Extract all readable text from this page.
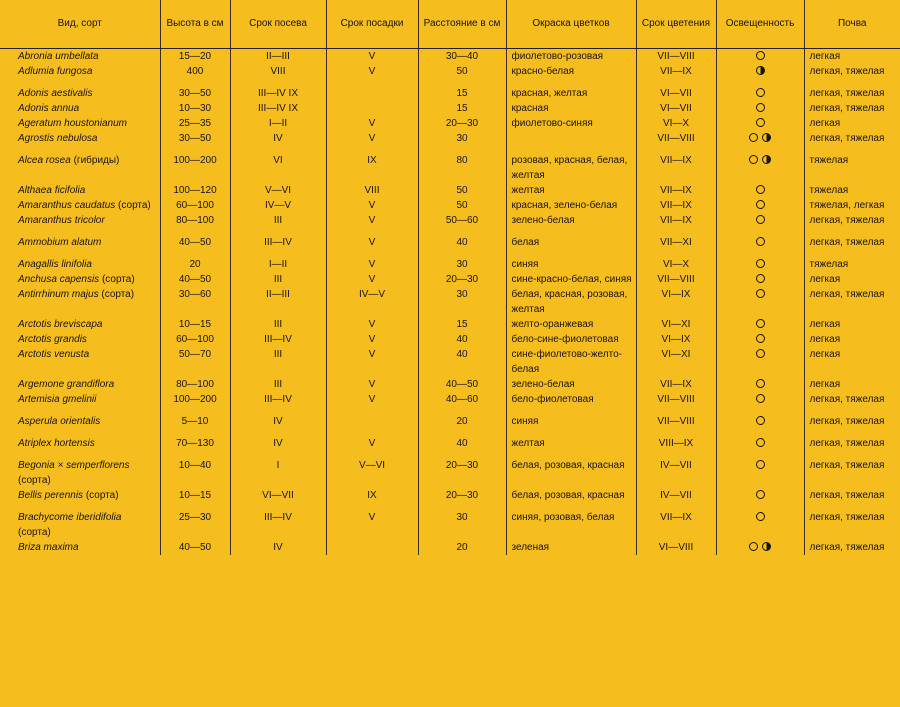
Вид, сорт	Высота в см	Срок посева	Срок посадки	Расстояние в см	Окраска цветков	Срок цветения	Освещенность	Почва
Abronia umbellata	15—20	II—III	V	30—40	фиолетово-розовая	VII—VIII		легкая
Adlumia fungosa	400	VIII	V	50	красно-белая	VII—IX		легкая, тяжелая
Adonis aestivalis	30—50	III—IV IX		15	красная, желтая	VI—VII		легкая, тяжелая
Adonis annua	10—30	III—IV IX		15	красная	VI—VII		легкая, тяжелая
Ageratum houstonianum	25—35	I—II	V	20—30	фиолетово-синяя	VI—X		легкая
Agrostis nebulosa	30—50	IV	V	30		VII—VIII		легкая, тяжелая
Alcea rosea (гибриды)	100—200	VI	IX	80	розовая, красная, белая, желтая	VII—IX		тяжелая
Althaea ficifolia	100—120	V—VI	VIII	50	желтая	VII—IX		тяжелая
Amaranthus caudatus (сорта)	60—100	IV—V	V	50	красная, зелено-белая	VII—IX		тяжелая, легкая
Amaranthus tricolor	80—100	III	V	50—60	зелено-белая	VII—IX		легкая, тяжелая
Ammobium alatum	40—50	III—IV	V	40	белая	VII—XI		легкая, тяжелая
Anagallis linifolia	20	I—II	V	30	синяя	VI—X		тяжелая
Anchusa capensis (сорта)	40—50	III	V	20—30	сине-красно-белая, синяя	VII—VIII		легкая
Antirrhinum majus (сорта)	30—60	II—III	IV—V	30	белая, красная, розовая, желтая	VI—IX		легкая, тяжелая
Arctotis breviscapa	10—15	III	V	15	желто-оранжевая	VI—XI		легкая
Arctotis grandis	60—100	III—IV	V	40	бело-сине-фиолетовая	VI—IX		легкая
Arctotis venusta	50—70	III	V	40	сине-фиолетово-желто-белая	VI—XI		легкая
Argemone grandiflora	80—100	III	V	40—50	зелено-белая	VII—IX		легкая
Artemisia gmelinii	100—200	III—IV	V	40—60	бело-фиолетовая	VII—VIII		легкая, тяжелая
Asperula orientalis	5—10	IV		20	синяя	VII—VIII		легкая, тяжелая
Atriplex hortensis	70—130	IV	V	40	желтая	VIII—IX		легкая, тяжелая
Begonia × semperflorens (сорта)	10—40	I	V—VI	20—30	белая, розовая, красная	IV—VII		легкая, тяжелая
Bellis perennis (сорта)	10—15	VI—VII	IX	20—30	белая, розовая, красная	IV—VII		легкая, тяжелая
Brachycome iberidifolia (сорта)	25—30	III—IV	V	30	синяя, розовая, белая	VII—IX		легкая, тяжелая
Briza maxima	40—50	IV		20	зеленая	VI—VIII		легкая, тяжелая
